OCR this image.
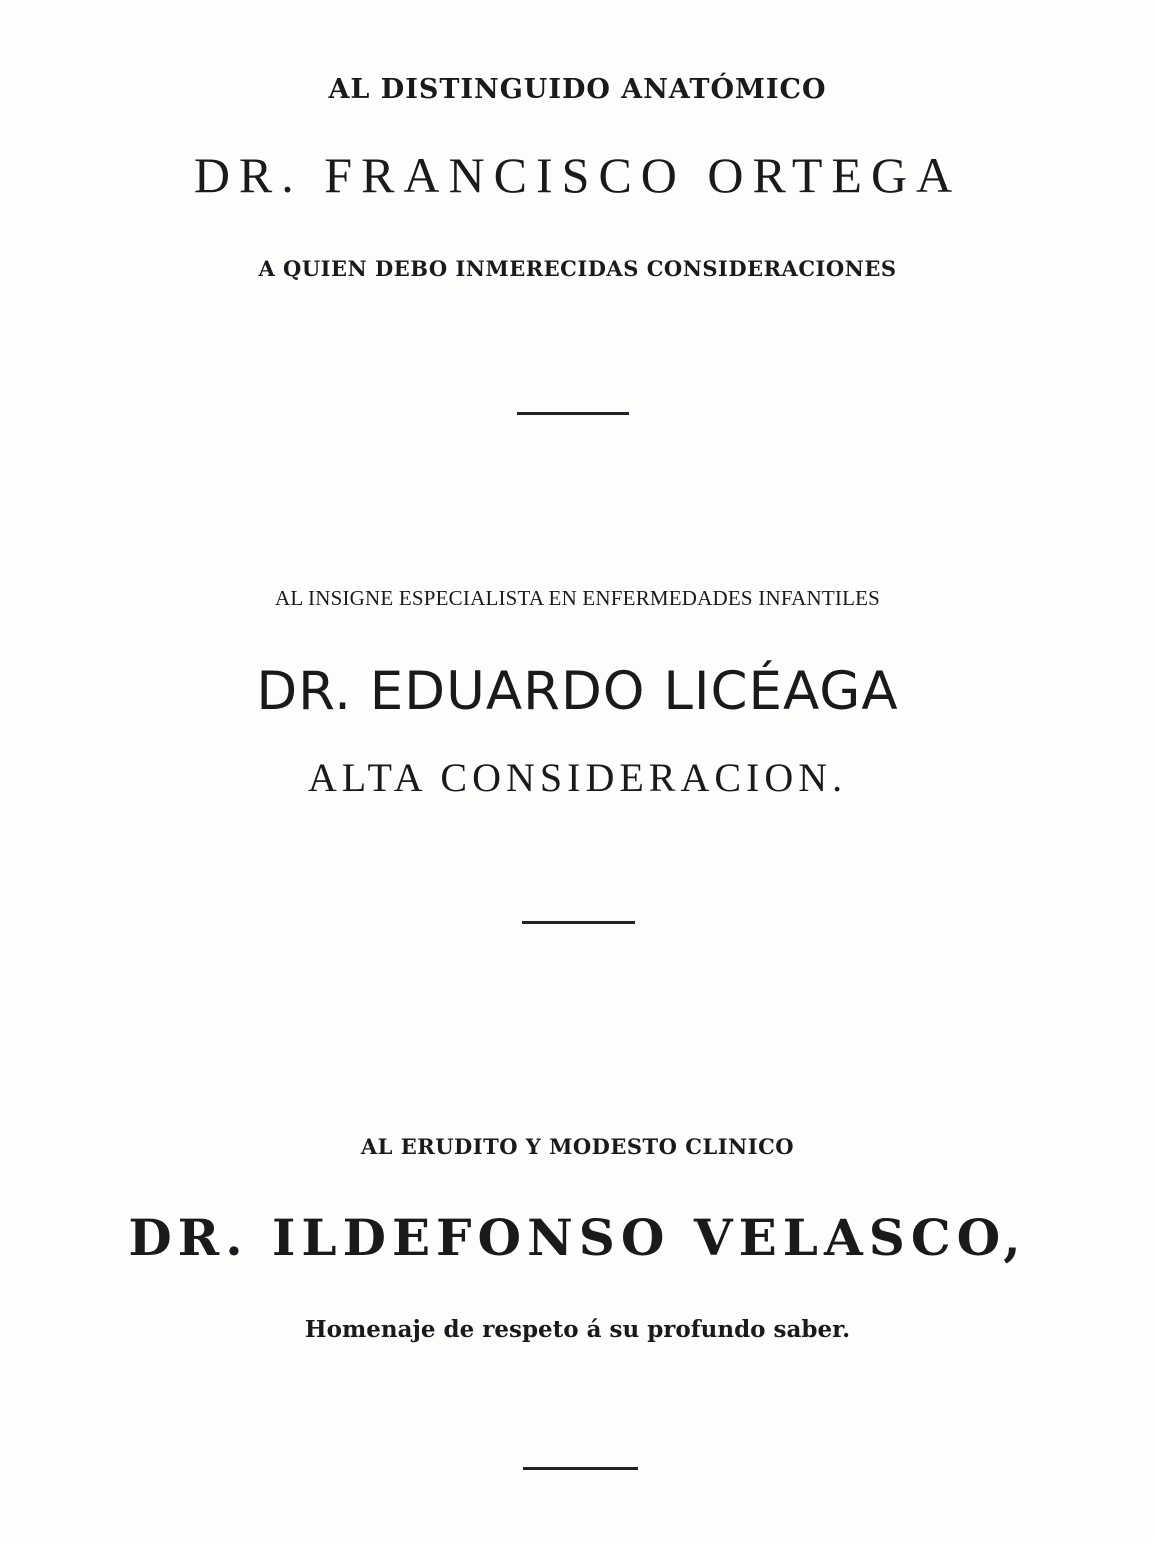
AL DISTINGUIDO ANATÓMICO

DR. FRANCISCO ORTEGA

A QUIEN DEBO INMERECIDAS CONSIDERACIONES

AL INSIGNE ESPECIALISTA EN ENFERMEDADES INFANTILES

DR. EDUARDO LICÉAGA

ALTA CONSIDERACION.

AL ERUDITO Y MODESTO CLINICO

DR. ILDEFONSO VELASCO,

Homenaje de respeto á su profundo saber.
